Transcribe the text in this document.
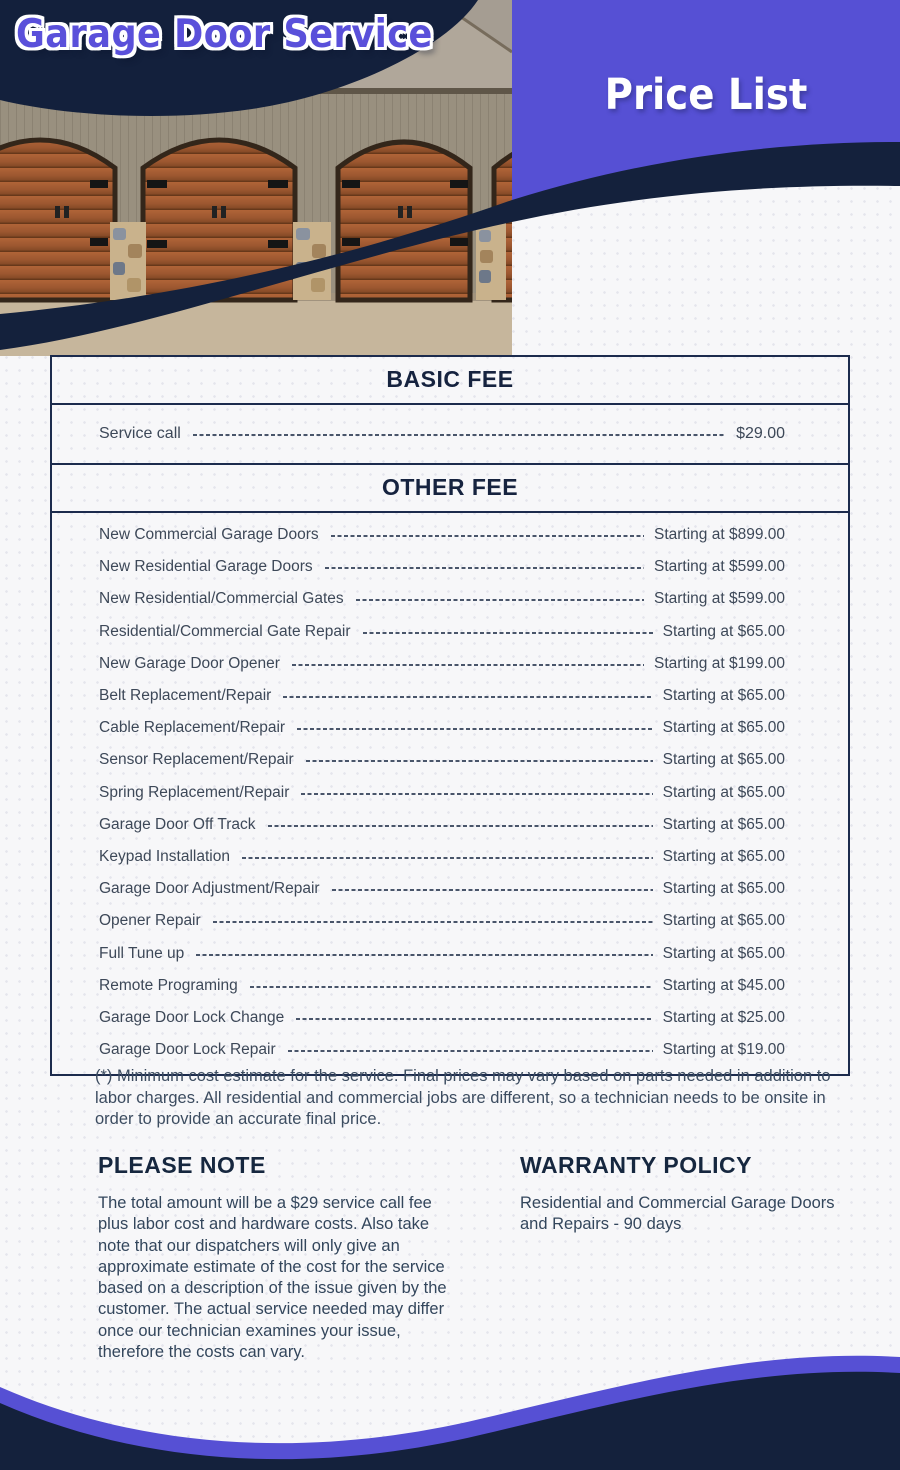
Garage Door Service
Price List
BASIC FEE
Service call	$29.00
OTHER FEE
New Commercial Garage Doors	Starting at $899.00
New Residential Garage Doors	Starting at $599.00
New Residential/Commercial Gates	Starting at $599.00
Residential/Commercial Gate Repair	Starting at $65.00
New Garage Door Opener	Starting at $199.00
Belt Replacement/Repair	Starting at $65.00
Cable Replacement/Repair	Starting at $65.00
Sensor Replacement/Repair	Starting at $65.00
Spring Replacement/Repair	Starting at $65.00
Garage Door Off Track	Starting at $65.00
Keypad Installation	Starting at $65.00
Garage Door Adjustment/Repair	Starting at $65.00
Opener Repair	Starting at $65.00
Full Tune up	Starting at $65.00
Remote Programing	Starting at $45.00
Garage Door Lock Change	Starting at $25.00
Garage Door Lock Repair	Starting at $19.00

(*) Minimum cost estimate for the service. Final prices may vary based on parts needed in addition to labor charges. All residential and commercial jobs are different, so a technician needs to be onsite in order to provide an accurate final price.

PLEASE NOTE

The total amount will be a $29 service call fee plus labor cost and hardware costs. Also take note that our dispatchers will only give an approximate estimate of the cost for the service based on a description of the issue given by the customer. The actual service needed may differ once our technician examines your issue, therefore the costs can vary.

WARRANTY POLICY

Residential and Commercial Garage Doors and Repairs - 90 days
